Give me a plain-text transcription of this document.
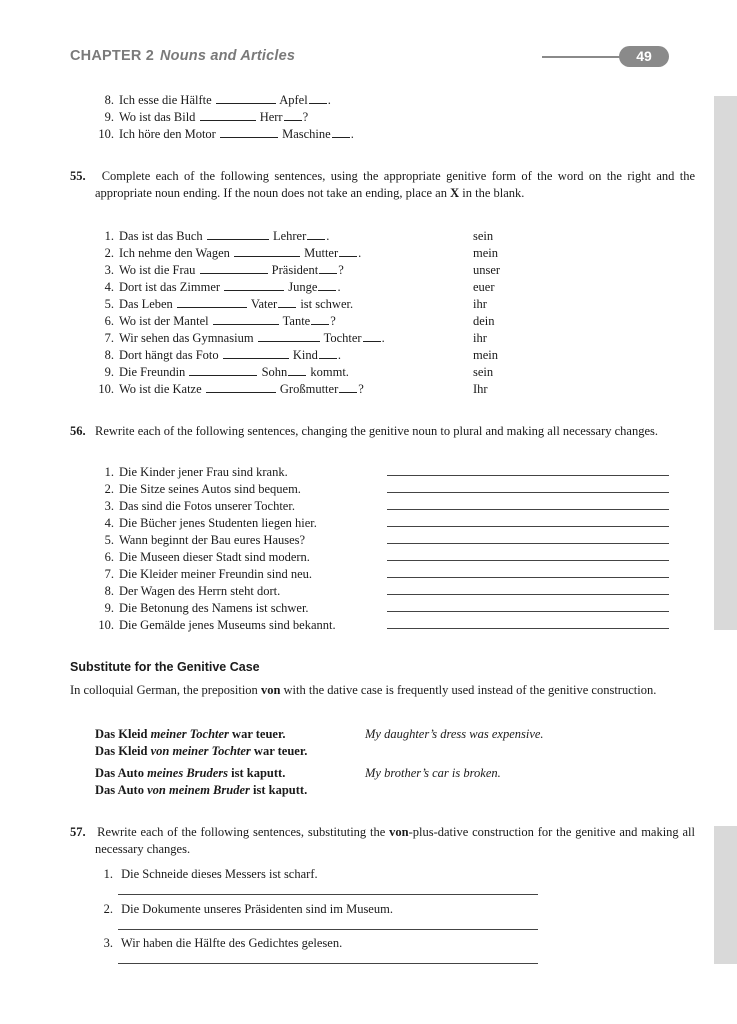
CHAPTER 2 Nouns and Articles	49
8. Ich esse die Hälfte	Apfel .
9. Wo ist das Bild	Herr ?
10. Ich höre den Motor	Maschine .
55. Complete each of the following sentences, using the appropriate genitive form of the word on the right and the appropriate noun ending. If the noun does not take an ending, place an X in the blank.
1. Das ist das Buch	Lehrer .	sein
2. Ich nehme den Wagen	Mutter .	mein
3. Wo ist die Frau	Präsident ?	unser
4. Dort ist das Zimmer	Junge .	euer
5. Das Leben	Vater ist schwer.	ihr
6. Wo ist der Mantel	Tante ?	dein
7. Wir sehen das Gymnasium	Tochter .	ihr
8. Dort hängt das Foto	Kind .	mein
9. Die Freundin	Sohn kommt.	sein
10. Wo ist die Katze	Großmutter ?	Ihr
56. Rewrite each of the following sentences, changing the genitive noun to plural and making all necessary changes.
1. Die Kinder jener Frau sind krank.
2. Die Sitze seines Autos sind bequem.
3. Das sind die Fotos unserer Tochter.
4. Die Bücher jenes Studenten liegen hier.
5. Wann beginnt der Bau eures Hauses?
6. Die Museen dieser Stadt sind modern.
7. Die Kleider meiner Freundin sind neu.
8. Der Wagen des Herrn steht dort.
9. Die Betonung des Namens ist schwer.
10. Die Gemälde jenes Museums sind bekannt.
Substitute for the Genitive Case
In colloquial German, the preposition von with the dative case is frequently used instead of the genitive construction.
Das Kleid meiner Tochter war teuer.
Das Kleid von meiner Tochter war teuer.
My daughter’s dress was expensive.
Das Auto meines Bruders ist kaputt.
Das Auto von meinem Bruder ist kaputt.
My brother’s car is broken.
57. Rewrite each of the following sentences, substituting the von-plus-dative construction for the genitive and making all necessary changes.
1. Die Schneide dieses Messers ist scharf.
2. Die Dokumente unseres Präsidenten sind im Museum.
3. Wir haben die Hälfte des Gedichtes gelesen.
